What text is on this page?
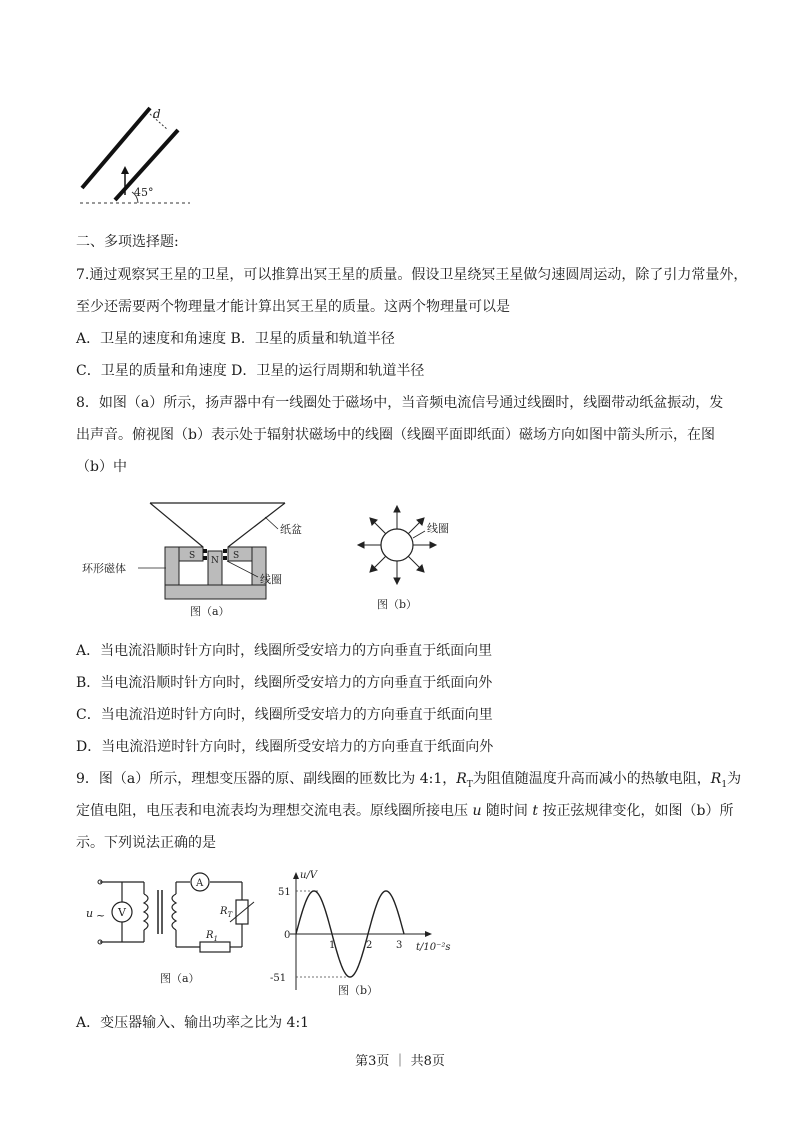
d
45°
二、多项选择题:
7.通过观察冥王星的卫星，可以推算出冥王星的质量。假设卫星绕冥王星做匀速圆周运动，除了引力常量外，
至少还需要两个物理量才能计算出冥王星的质量。这两个物理量可以是
A．卫星的速度和角速度 B．卫星的质量和轨道半径
C．卫星的质量和角速度 D．卫星的运行周期和轨道半径
8．如图（a）所示，扬声器中有一线圈处于磁场中，当音频电流信号通过线圈时，线圈带动纸盆振动，发
出声音。俯视图（b）表示处于辐射状磁场中的线圈（线圈平面即纸面）磁场方向如图中箭头所示，在图
（b）中
纸盆
S N S
环形磁体
线圈
图（a）
线圈
图（b）
A．当电流沿顺时针方向时，线圈所受安培力的方向垂直于纸面向里
B．当电流沿顺时针方向时，线圈所受安培力的方向垂直于纸面向外
C．当电流沿逆时针方向时，线圈所受安培力的方向垂直于纸面向里
D．当电流沿逆时针方向时，线圈所受安培力的方向垂直于纸面向外
9．图（a）所示，理想变压器的原、副线圈的匝数比为 4:1，$R_T$为阻值随温度升高而减小的热敏电阻，$R_1$为
定值电阻，电压表和电流表均为理想交流电表。原线圈所接电压 u 随时间 t 按正弦规律变化，如图（b）所
示。下列说法正确的是
u ~ V
A
$R_T$
$R_1$
图（a）
u/V
t/10⁻²s
51
-51
0
1	2 3
图（b）
A．变压器输入、输出功率之比为 4:1
第3页 ｜ 共8页
